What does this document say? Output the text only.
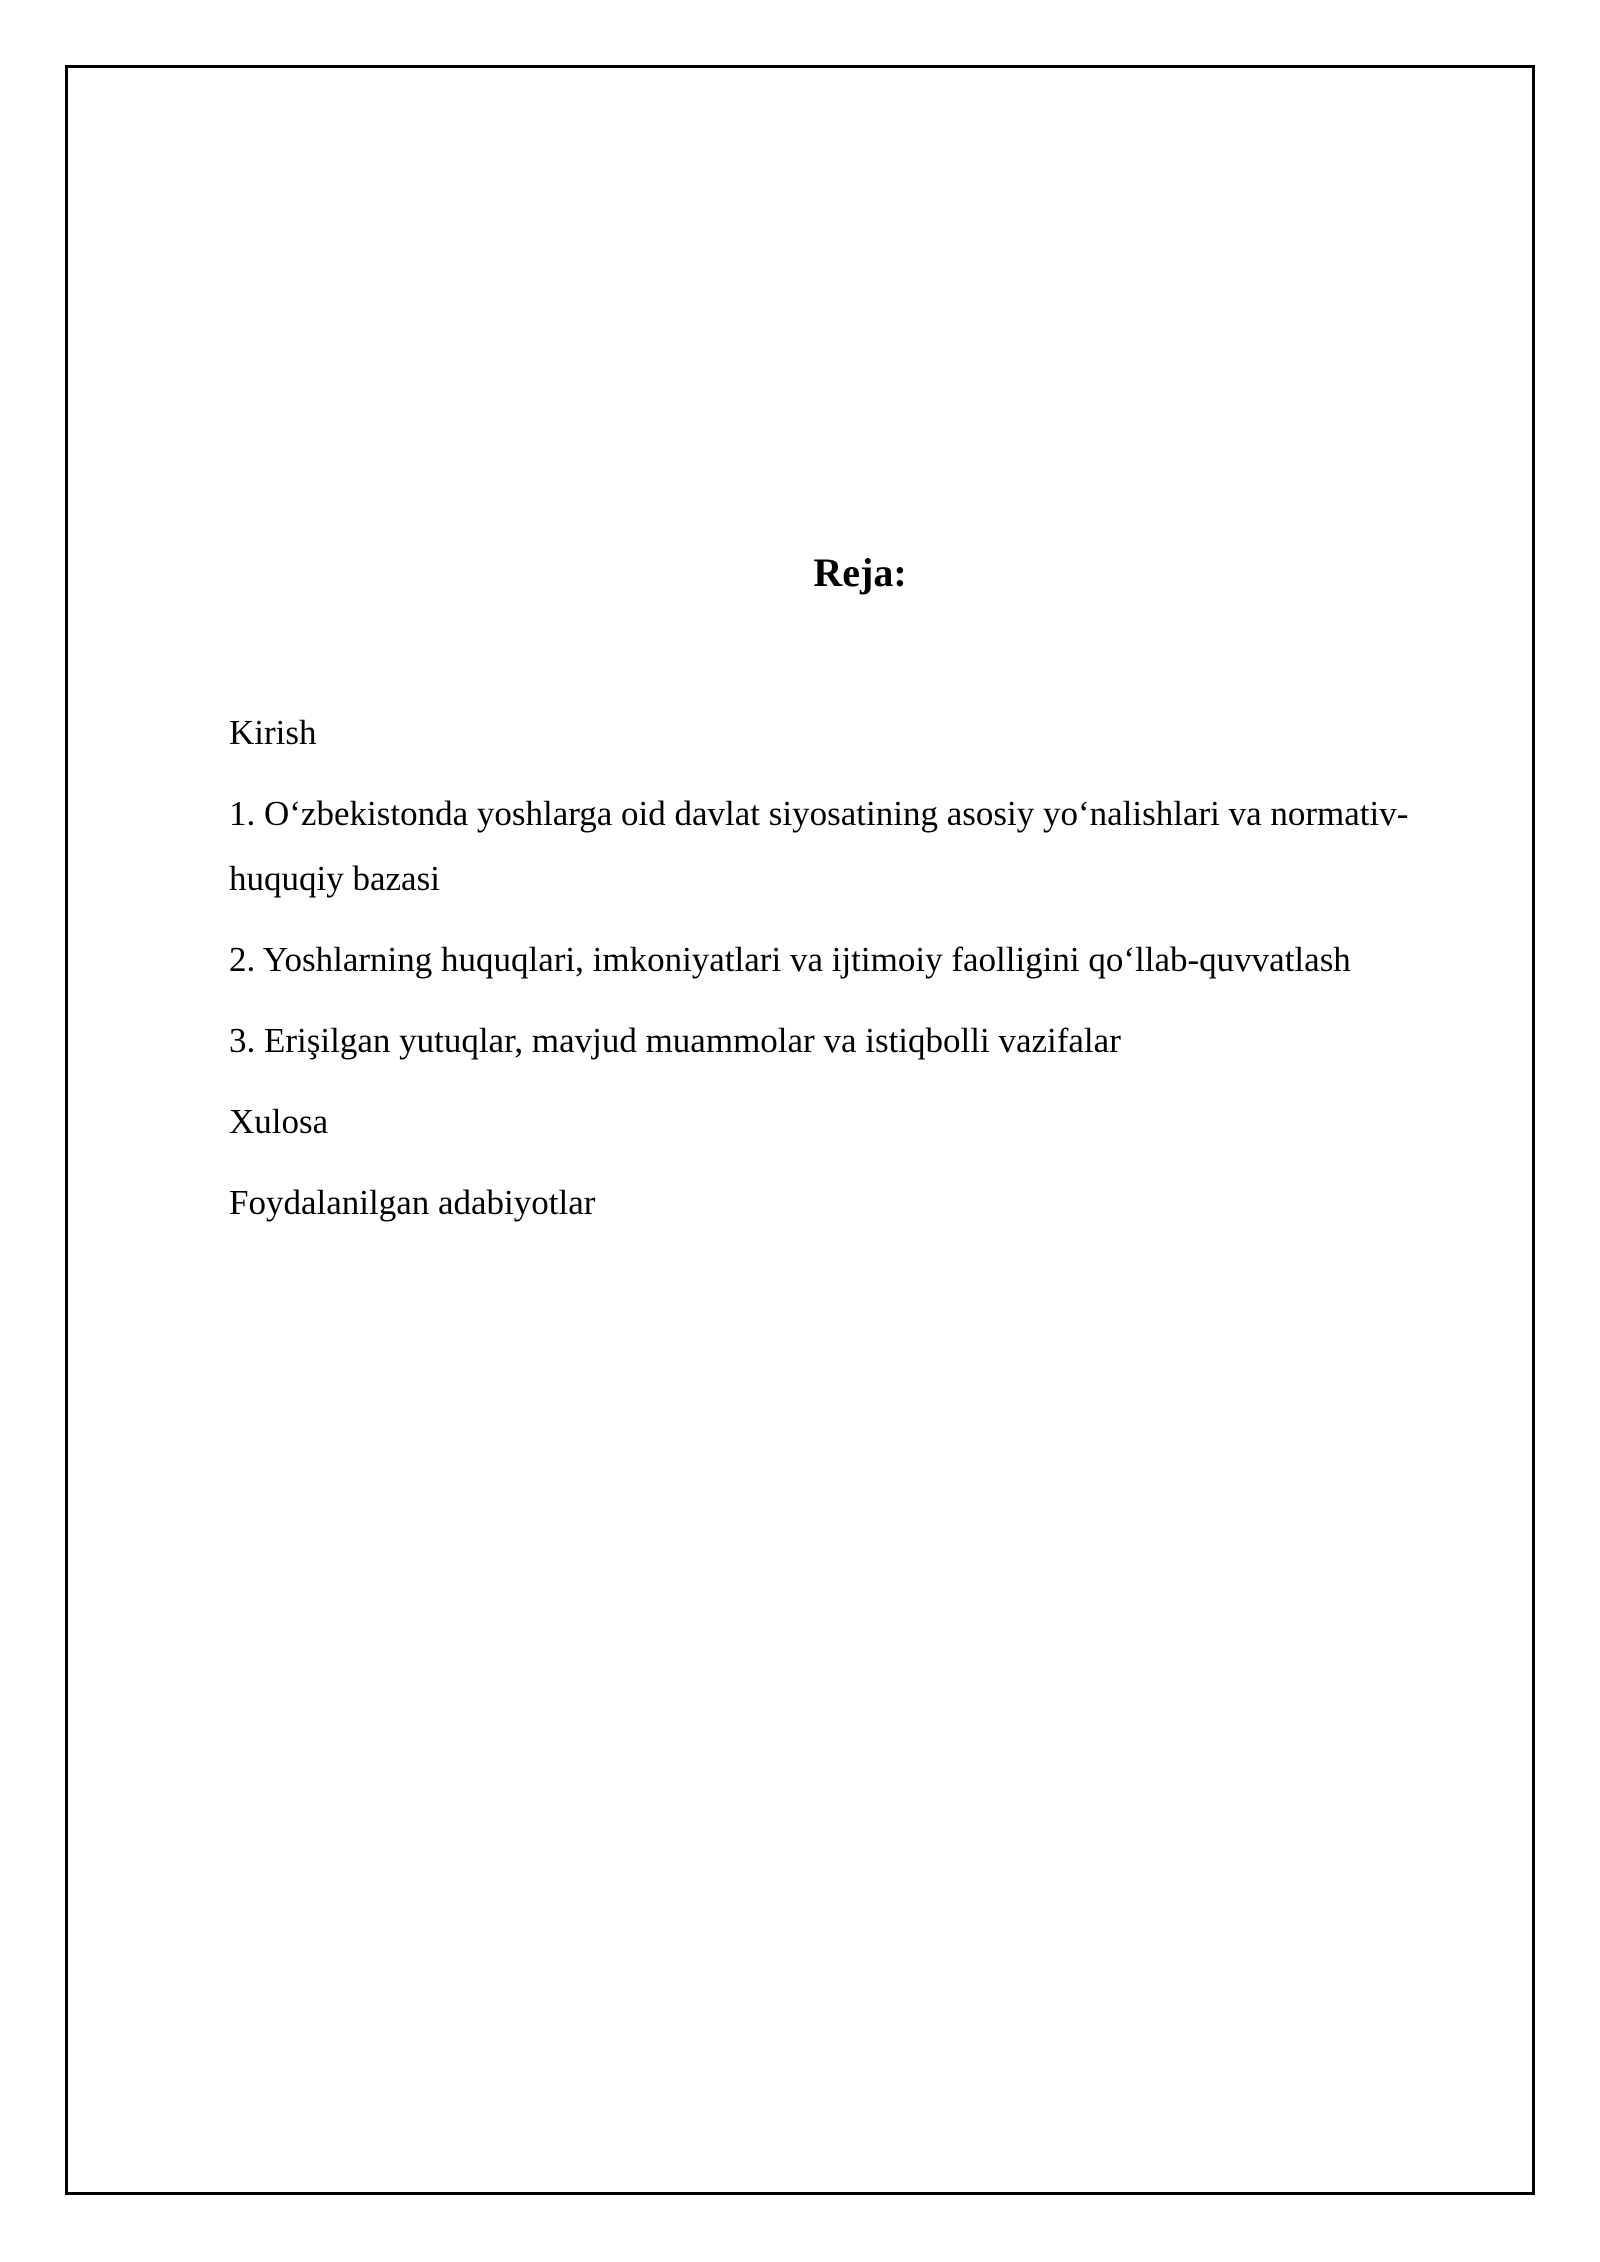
Reja:
Kirish
1. O‘zbekistonda yoshlarga oid davlat siyosatining asosiy yo‘nalishlari va normativ-huquqiy bazasi
2. Yoshlarning huquqlari, imkoniyatlari va ijtimoiy faolligini qo‘llab-quvvatlash
3. Erişilgan yutuqlar, mavjud muammolar va istiqbolli vazifalar
Xulosa
Foydalanilgan adabiyotlar
